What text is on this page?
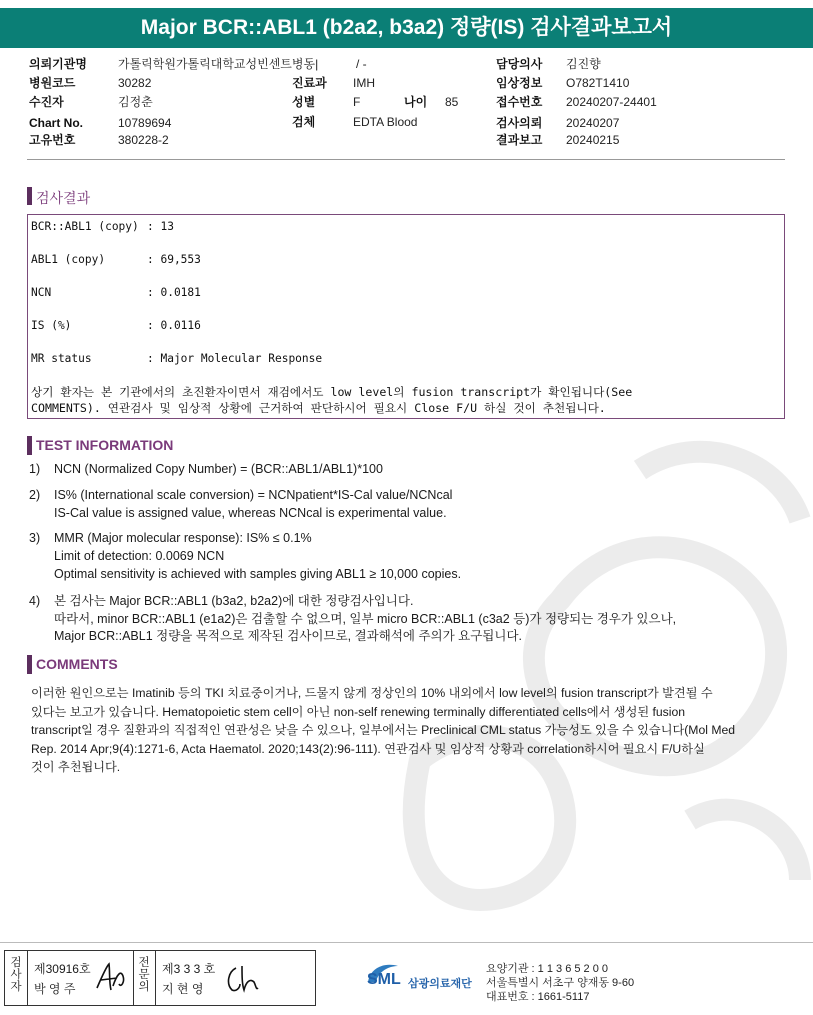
Major BCR::ABL1 (b2a2, b3a2) 정량(IS) 검사결과보고서
의뢰기관명	가톨릭학원가톨릭대학교성빈센트병동|	/ -	담당의사 김진향
병원코드	30282	진료과 IMH	임상정보 O782T1410
수진자	김정춘	성별	F	나이 85	접수번호 20240207-24401
Chart No.	10789694	검체	EDTA Blood	검사의뢰 20240207
고유번호	380228-2	결과보고 20240215
검사결과
BCR::ABL1 (copy) : 13
ABL1 (copy)	: 69,553
NCN	: 0.0181
IS (%)	: 0.0116
MR status	: Major Molecular Response
상기 환자는 본 기관에서의 초진환자이면서 재검에서도 low level의 fusion transcript가 확인됩니다(See
COMMENTS). 연관검사 및 임상적 상황에 근거하여 판단하시어 필요시 Close F/U 하실 것이 추천됩니다.
TEST INFORMATION
1) NCN (Normalized Copy Number) = (BCR::ABL1/ABL1)*100
2) IS% (International scale conversion) = NCNpatient*IS-Cal value/NCNcal
IS-Cal value is assigned value, whereas NCNcal is experimental value.
3) MMR (Major molecular response): IS% ≤ 0.1%
Limit of detection: 0.0069 NCN
Optimal sensitivity is achieved with samples giving ABL1 ≥ 10,000 copies.
4) 본 검사는 Major BCR::ABL1 (b3a2, b2a2)에 대한 정량검사입니다.
따라서, minor BCR::ABL1 (e1a2)은 검출할 수 없으며, 일부 micro BCR::ABL1 (c3a2 등)가 정량되는 경우가 있으나,
Major BCR::ABL1 정량을 목적으로 제작된 검사이므로, 결과해석에 주의가 요구됩니다.
COMMENTS
이러한 원인으로는 Imatinib 등의 TKI 치료중이거나, 드물지 않게 정상인의 10% 내외에서 low level의 fusion transcript가 발견될 수
있다는 보고가 있습니다. Hematopoietic stem cell이 아닌 non-self renewing terminally differentiated cells에서 생성된 fusion
transcript일 경우 질환과의 직접적인 연관성은 낮을 수 있으나, 일부에서는 Preclinical CML status 가능성도 있을 수 있습니다(Mol Med
Rep. 2014 Apr;9(4):1271-6, Acta Haematol. 2020;143(2):96-111). 연관검사 및 임상적 상황과 correlation하시어 필요시 F/U하실
것이 추천됩니다.
검
사
자
제30916호
박 영 주
전
문
의
제3 3 3 호
지 현 영
SML 삼광의료재단
요양기관 : 1 1 3 6 5 2 0 0
서울특별시 서초구 양재동 9-60
대표번호 : 1661-5117
